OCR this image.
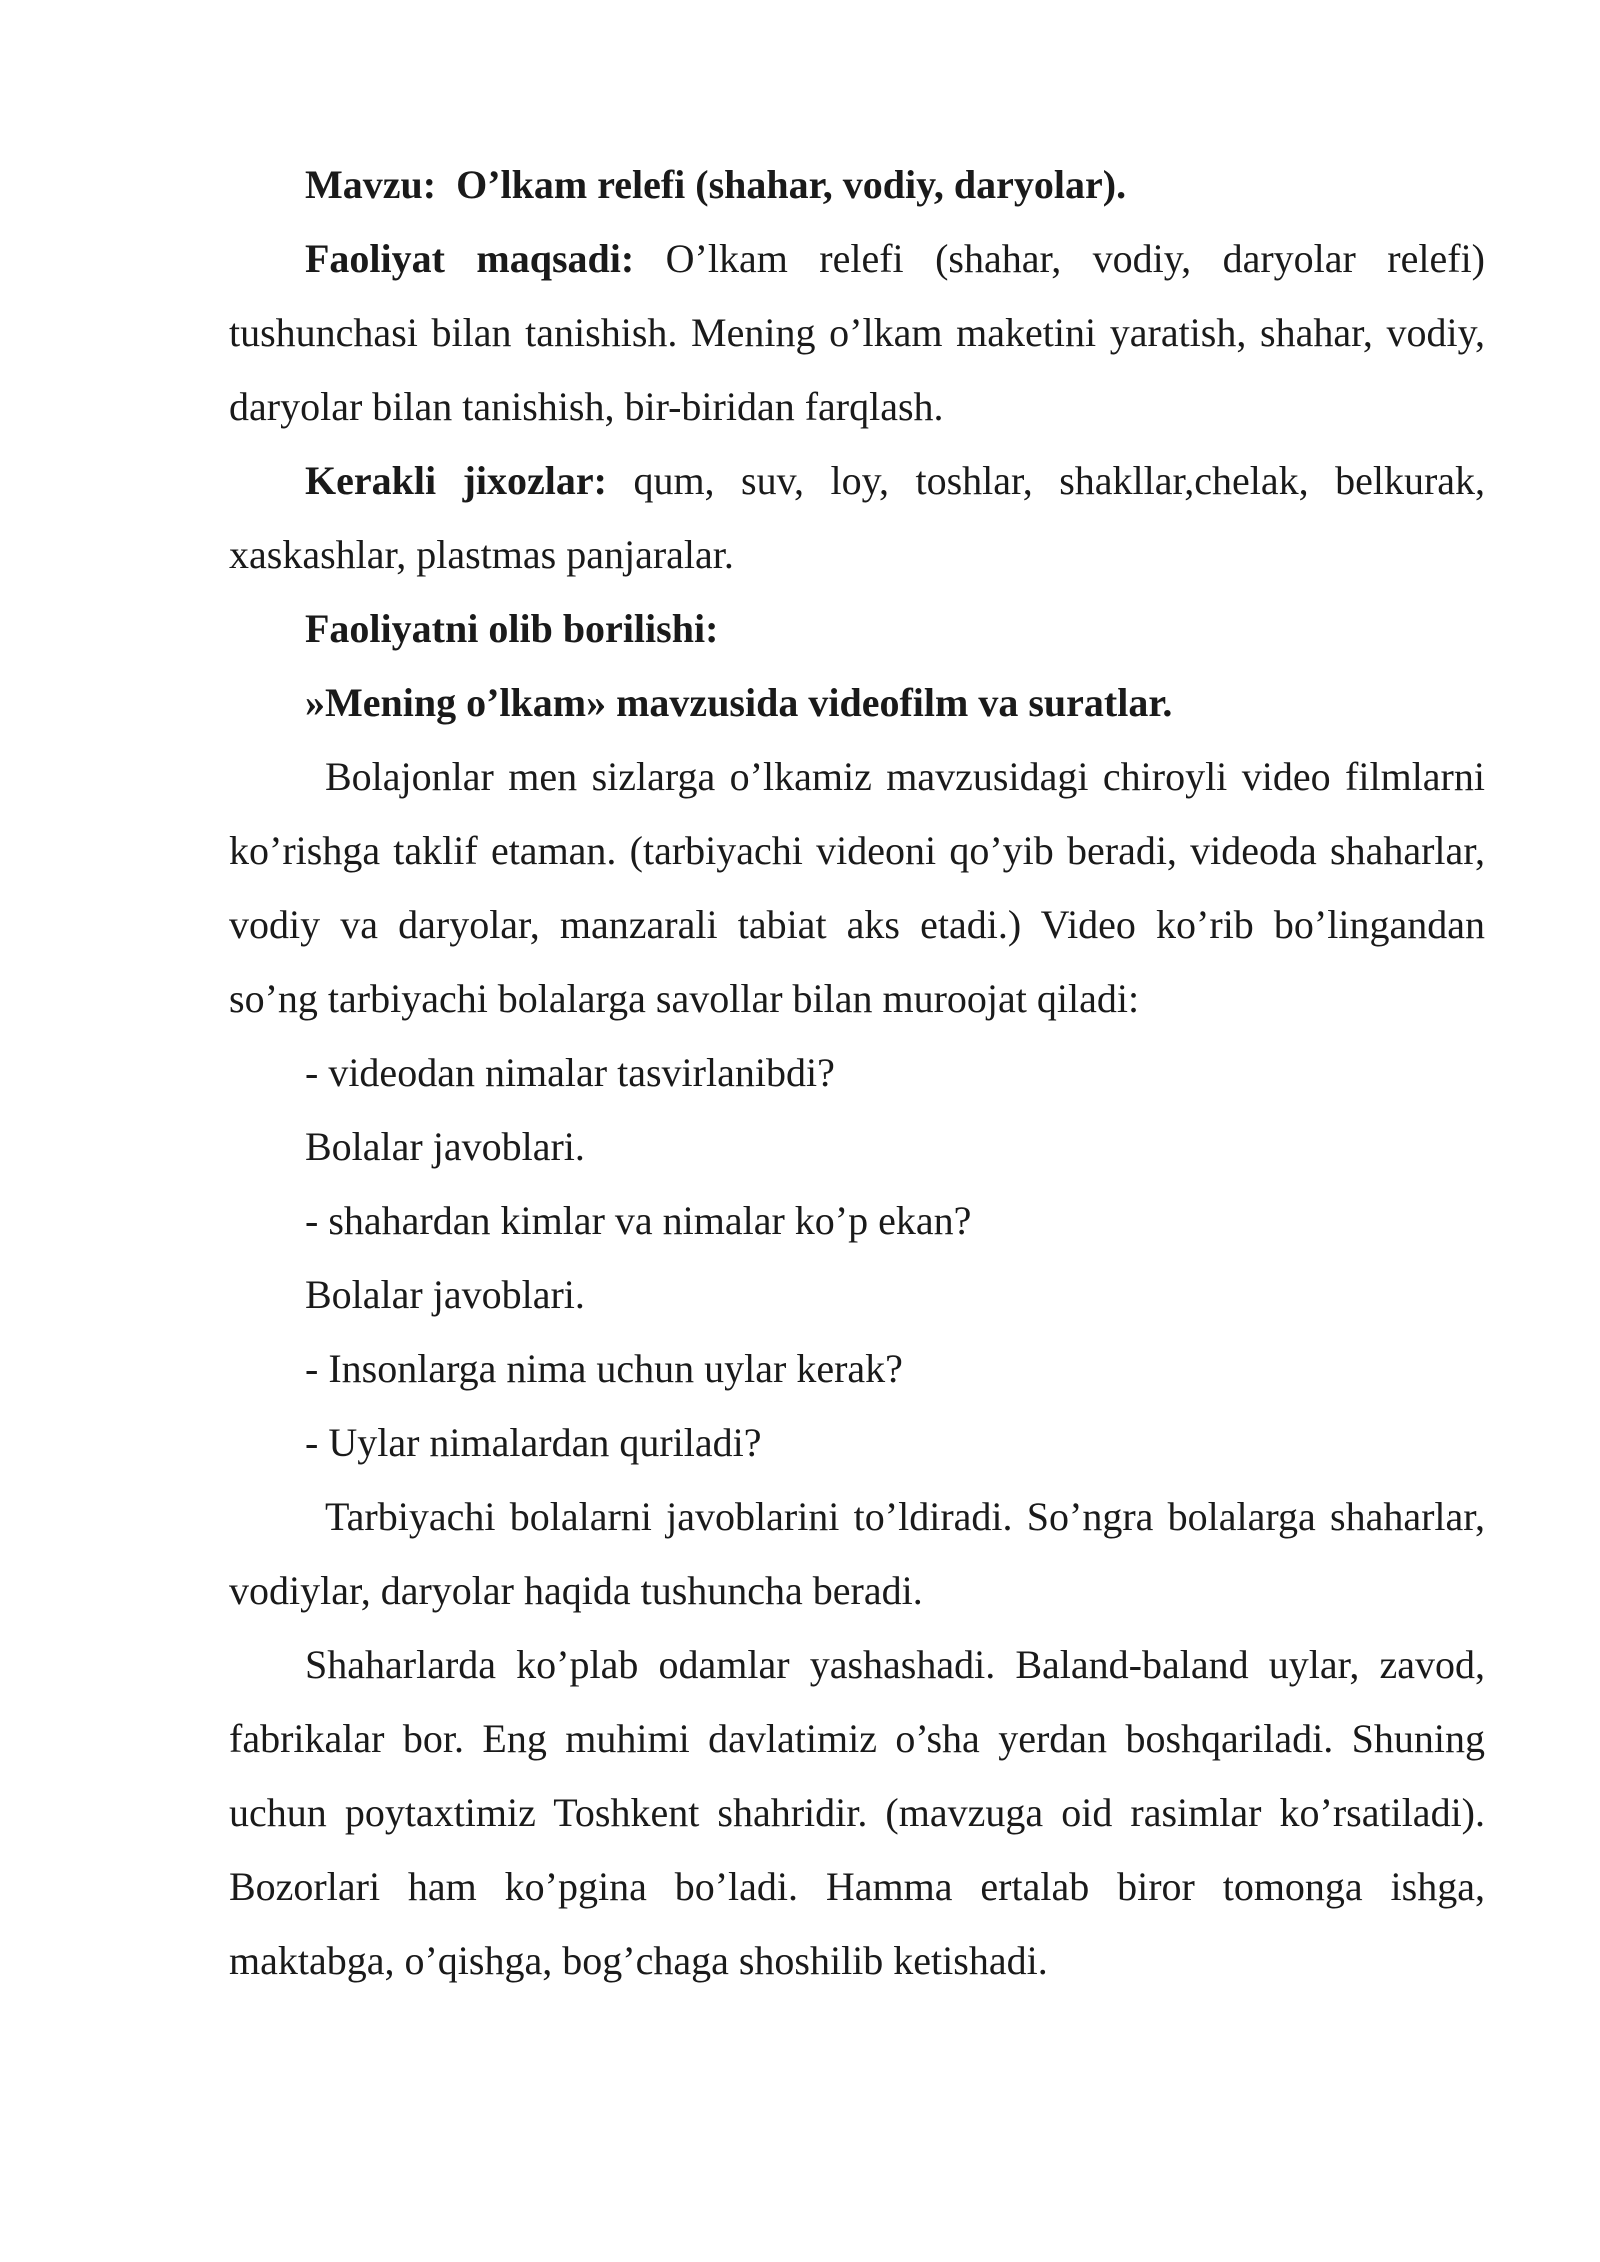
Mavzu: O’lkam relefi (shahar, vodiy, daryolar).

Faoliyat maqsadi: O’lkam relefi (shahar, vodiy, daryolar relefi) tushunchasi bilan tanishish. Mening o’lkam maketini yaratish, shahar, vodiy, daryolar bilan tanishish, bir-biridan farqlash.

Kerakli jixozlar: qum, suv, loy, toshlar, shakllar,chelak, belkurak, xaskashlar, plastmas panjaralar.

Faoliyatni olib borilishi:

»Mening o’lkam» mavzusida videofilm va suratlar.

Bolajonlar men sizlarga o’lkamiz mavzusidagi chiroyli video filmlarni ko’rishga taklif etaman. (tarbiyachi videoni qo’yib beradi, videoda shaharlar, vodiy va daryolar, manzarali tabiat aks etadi.) Video ko’rib bo’lingandan so’ng tarbiyachi bolalarga savollar bilan muroojat qiladi:

- videodan nimalar tasvirlanibdi?

Bolalar javoblari.

- shahardan kimlar va nimalar ko’p ekan?

Bolalar javoblari.

- Insonlarga nima uchun uylar kerak?

- Uylar nimalardan quriladi?

Tarbiyachi bolalarni javoblarini to’ldiradi. So’ngra bolalarga shaharlar, vodiylar, daryolar haqida tushuncha beradi.

Shaharlarda ko’plab odamlar yashashadi. Baland-baland uylar, zavod, fabrikalar bor. Eng muhimi davlatimiz o’sha yerdan boshqariladi. Shuning uchun poytaxtimiz Toshkent shahridir. (mavzuga oid rasimlar ko’rsatiladi). Bozorlari ham ko’pgina bo’ladi. Hamma ertalab biror tomonga ishga, maktabga, o’qishga, bog’chaga shoshilib ketishadi.
